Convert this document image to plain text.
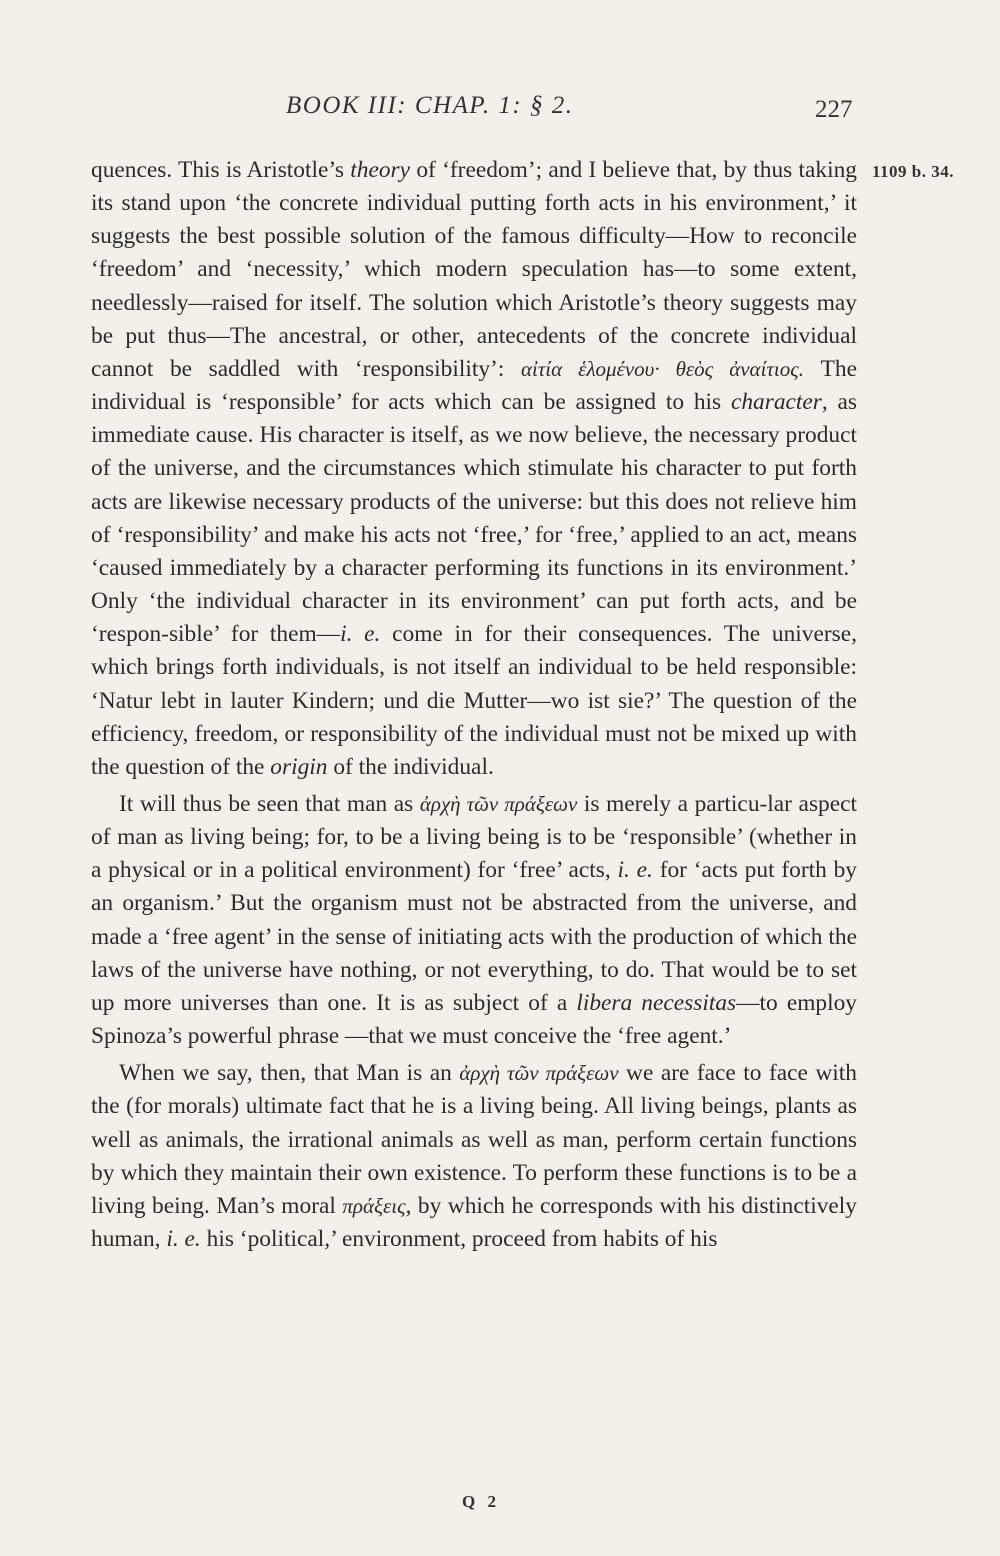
BOOK III: CHAP. 1: § 2.	227
1109 b. 34.

quences. This is Aristotle’s theory of ‘freedom’; and I believe that, by thus taking its stand upon ‘the concrete individual putting forth acts in his environment,’ it suggests the best possible solution of the famous difficulty—How to reconcile ‘freedom’ and ‘necessity,’ which modern speculation has—to some extent, needlessly—raised for itself. The solution which Aristotle’s theory suggests may be put thus—The ancestral, or other, antecedents of the concrete individual cannot be saddled with ‘responsibility’: αἰτία ἑλομένου· θεὸς ἀναίτιος. The individual is ‘responsible’ for acts which can be assigned to his character, as immediate cause. His character is itself, as we now believe, the necessary product of the universe, and the circumstances which stimulate his character to put forth acts are likewise necessary products of the universe: but this does not relieve him of ‘responsibility’ and make his acts not ‘free,’ for ‘free,’ applied to an act, means ‘caused immediately by a character performing its functions in its environment.’ Only ‘the individual character in its environment’ can put forth acts, and be ‘respon-sible’ for them—i. e. come in for their consequences. The universe, which brings forth individuals, is not itself an individual to be held responsible: ‘Natur lebt in lauter Kindern; und die Mutter—wo ist sie?’ The question of the efficiency, freedom, or responsibility of the individual must not be mixed up with the question of the origin of the individual.

It will thus be seen that man as ἀρχὴ τῶν πράξεων is merely a particu-lar aspect of man as living being; for, to be a living being is to be ‘responsible’ (whether in a physical or in a political environment) for ‘free’ acts, i. e. for ‘acts put forth by an organism.’ But the organism must not be abstracted from the universe, and made a ‘free agent’ in the sense of initiating acts with the production of which the laws of the universe have nothing, or not everything, to do. That would be to set up more universes than one. It is as subject of a libera necessitas—to employ Spinoza’s powerful phrase —that we must conceive the ‘free agent.’

When we say, then, that Man is an ἀρχὴ τῶν πράξεων we are face to face with the (for morals) ultimate fact that he is a living being. All living beings, plants as well as animals, the irrational animals as well as man, perform certain functions by which they maintain their own existence. To perform these functions is to be a living being. Man’s moral πράξεις, by which he corresponds with his distinctively human, i. e. his ‘political,’ environment, proceed from habits of his

Q 2
